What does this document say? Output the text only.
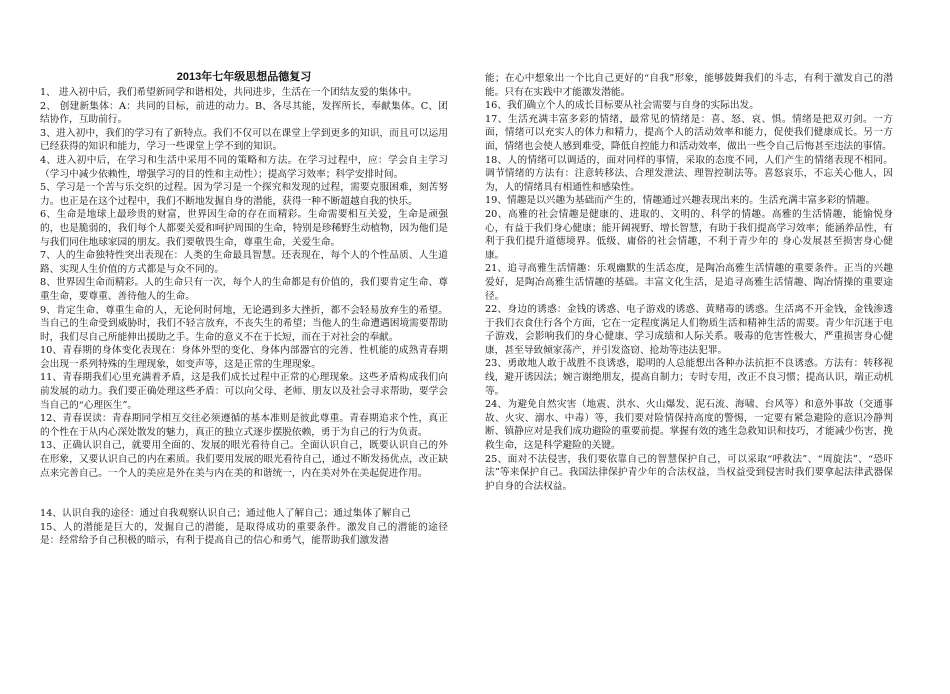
2013年七年级思想品德复习

1、 进入初中后，我们希望新同学和谐相处，共同进步，生活在一个团结友爱的集体中。

2、 创建新集体：A：共同的目标，前进的动力。B、各尽其能，发挥所长，奉献集体。C、团结协作，互助前行。

3、进入初中，我们的学习有了新特点。我们不仅可以在课堂上学到更多的知识，而且可以运用已经获得的知识和能力，学习一些课堂上学不到的知识。

4、进入初中后，在学习和生活中采用不同的策略和方法。在学习过程中，应：学会自主学习（学习中减少依赖性，增强学习的目的性和主动性）；提高学习效率；科学安排时间。

5、学习是一个苦与乐交织的过程。因为学习是一个探究和发现的过程，需要克服困难，刻苦努力。也正是在这个过程中，我们不断地发掘自身的潜能，获得一种不断超越自我的快乐。

6、生命是地球上最珍贵的财富，世界因生命的存在而精彩。生命需要相互关爱，生命是顽强的，也是脆弱的，我们每个人都要关爱和呵护周围的生命，特别是珍稀野生动植物，因为他们是与我们同住地球家园的朋友。我们要敬畏生命，尊重生命，关爱生命。

7、人的生命独特性突出表现在：人类的生命最具智慧。还表现在，每个人的个性品质、人生道路、实现人生价值的方式都是与众不同的。

8、世界因生命而精彩。人的生命只有一次，每个人的生命都是有价值的，我们要肯定生命、尊重生命，要尊重、善待他人的生命。

9、肯定生命、尊重生命的人，无论何时何地，无论遇到多大挫折，都不会轻易放弃生的希望。当自己的生命受到威胁时，我们不轻言放弃，不丧失生的希望；当他人的生命遭遇困境需要帮助时，我们尽自己所能伸出援助之手。生命的意义不在于长短，而在于对社会的奉献。

10、青春期的身体变化表现在：身体外型的变化、身体内部器官的完善、性机能的成熟青春期会出现一系列特殊的生理现象，如变声等，这是正常的生理现象。

11、青春期我们心里充满着矛盾，这是我们成长过程中正常的心理现象。这些矛盾构成我们向前发展的动力。我们要正确处理这些矛盾：可以向父母、老师、朋友以及社会寻求帮助，要学会当自己的“心理医生”。

12、青春误读：青春期同学相互交往必须遵循的基本准则是彼此尊重。青春期追求个性，真正的个性在于从内心深处散发的魅力，真正的独立式逐步摆脱依赖，勇于为自己的行为负责。

13、正确认识自己，就要用全面的、发展的眼光看待自己。全面认识自己，既要认识自己的外在形象，又要认识自己的内在素质。我们要用发展的眼光看待自己，通过不断发扬优点，改正缺点来完善自己。一个人的美应是外在美与内在美的和谐统一，内在美对外在美起促进作用。

14、认识自我的途径：通过自我观察认识自己；通过他人了解自己；通过集体了解自己

15、人的潜能是巨大的，发掘自己的潜能，是取得成功的重要条件。激发自己的潜能的途径是：经常给予自己积极的暗示，有利于提高自己的信心和勇气，能帮助我们激发潜

能；在心中想象出一个比自己更好的“自我”形象，能够鼓舞我们的斗志，有利于激发自己的潜能。只有在实践中才能激发潜能。

16、我们确立个人的成长目标要从社会需要与自身的实际出发。

17、生活充满丰富多彩的情绪，最常见的情绪是：喜、怒、哀、惧。情绪是把双刃剑。一方面，情绪可以充实人的体力和精力，提高个人的活动效率和能力，促使我们健康成长。另一方面，情绪也会使人感到难受，降低自控能力和活动效率，做出一些令自己后悔甚至违法的事情。

18、人的情绪可以调适的，面对同样的事情，采取的态度不同，人们产生的情绪表现不相同。调节情绪的方法有：注意转移法、合理发泄法、理智控制法等。喜怒哀乐，不忘关心他人，因为，人的情绪具有相通性和感染性。

19、情趣是以兴趣为基础而产生的，情趣通过兴趣表现出来的。生活充满丰富多彩的情趣。

20、高雅的社会情趣是健康的、进取的、文明的、科学的情趣。高雅的生活情趣，能愉悦身心，有益于我们身心健康；能开阔视野、增长智慧，有助于我们提高学习效率；能涵养品性，有利于我们提升道德境界。低级、庸俗的社会情趣，不利于青少年的 身心发展甚至损害身心健康。

21、追寻高雅生活情趣：乐观幽默的生活态度，是陶冶高雅生活情趣的重要条件。正当的兴趣爱好，是陶冶高雅生活情趣的基础。丰富文化生活，是追寻高雅生活情趣、陶冶情操的重要途径。

22、身边的诱惑：金钱的诱惑、电子游戏的诱惑、黄赌毒的诱惑。生活离不开金钱，金钱渗透于我们衣食住行各个方面，它在一定程度满足人们物质生活和精神生活的需要。青少年沉迷于电子游戏，会影响我们的身心健康、学习成绩和人际关系。吸毒的危害性极大，严重损害身心健康，甚至导致倾家荡产，并引发盗窃、抢劫等违法犯罪。

23、勇敢地人敢于战胜不良诱惑，聪明的人总能想出各种办法抗拒不良诱惑。方法有：转移视线，避开诱因法；婉言谢绝朋友，提高自制力；专时专用，改正不良习惯；提高认识，端正动机等。

24、为避免自然灾害（地震、洪水、火山爆发、泥石流、海啸、台风等）和意外事故（交通事故、火灾、溺水、中毒）等，我们要对险情保持高度的警惕，一定要有紧急避险的意识冷静判断、镇静应对是我们成功避险的重要前提。掌握有效的逃生急救知识和技巧，才能减少伤害，挽救生命，这是科学避险的关键。

25、面对不法侵害，我们要依靠自己的智慧保护自己，可以采取“呼救法”、“周旋法”、“恐吓法”等来保护自己。我国法律保护青少年的合法权益，当权益受到侵害时我们要拿起法律武器保护自身的合法权益。
